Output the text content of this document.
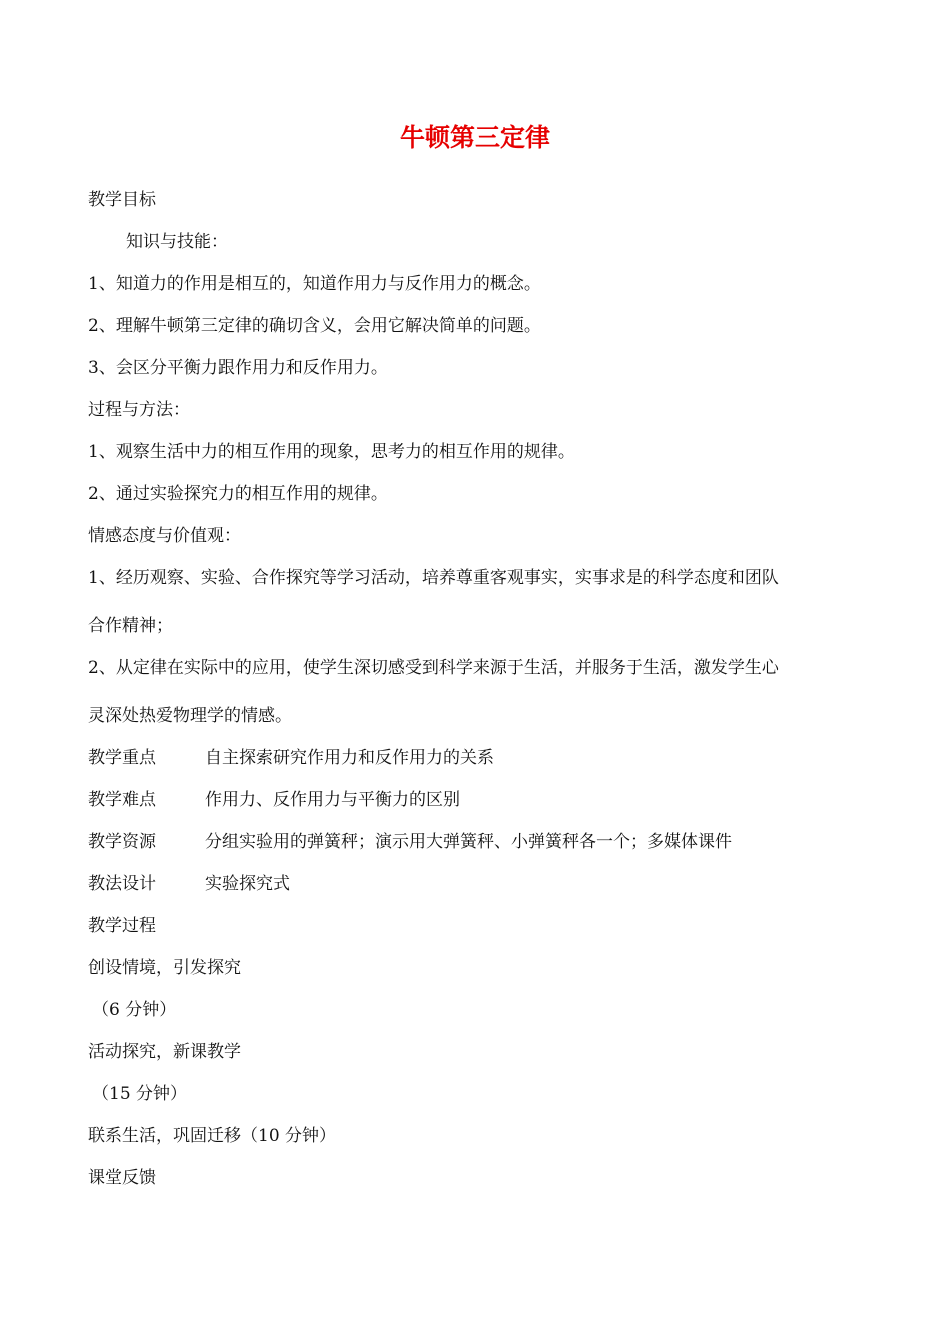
牛顿第三定律
教学目标
知识与技能：
1、知道力的作用是相互的，知道作用力与反作用力的概念。
2、理解牛顿第三定律的确切含义，会用它解决简单的问题。
3、会区分平衡力跟作用力和反作用力。
过程与方法：
1、观察生活中力的相互作用的现象，思考力的相互作用的规律。
2、通过实验探究力的相互作用的规律。
情感态度与价值观：
1、经历观察、实验、合作探究等学习活动，培养尊重客观事实，实事求是的科学态度和团队
合作精神；
2、从定律在实际中的应用，使学生深切感受到科学来源于生活，并服务于生活，激发学生心
灵深处热爱物理学的情感。
教学重点	自主探索研究作用力和反作用力的关系
教学难点	作用力、反作用力与平衡力的区别
教学资源	分组实验用的弹簧秤；演示用大弹簧秤、小弹簧秤各一个；多媒体课件
教法设计	实验探究式
教学过程
创设情境，引发探究
（6 分钟）
活动探究，新课教学
（15 分钟）
联系生活，巩固迁移（10 分钟）
课堂反馈
